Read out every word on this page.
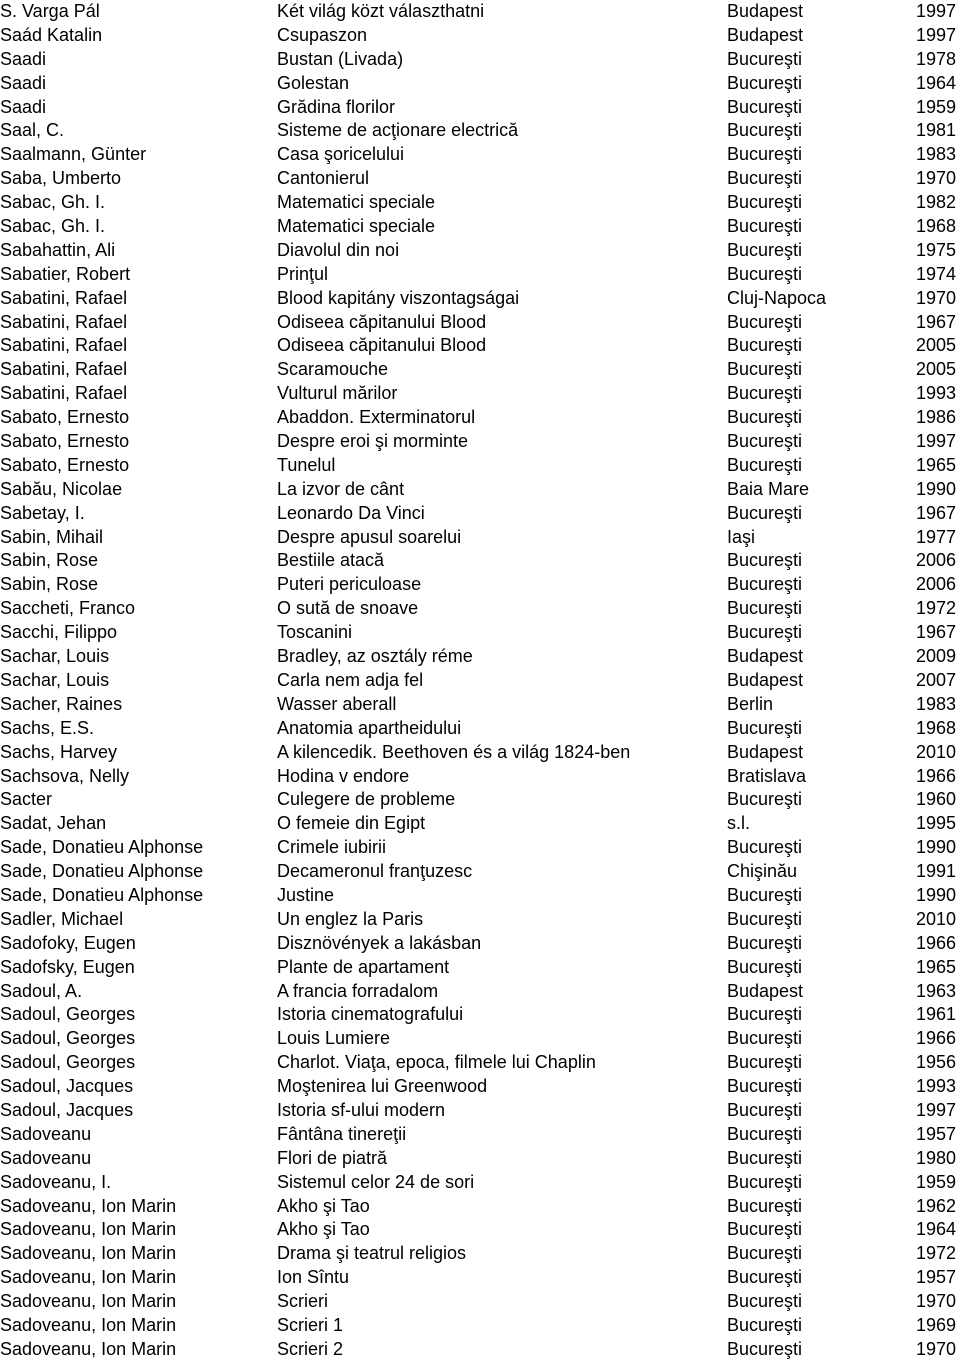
S. Varga Pál	Két világ közt választhatni	Budapest	1997
Saád Katalin	Csupaszon	Budapest	1997
Saadi	Bustan (Livada)	Bucureşti	1978
Saadi	Golestan	Bucureşti	1964
Saadi	Grădina florilor	Bucureşti	1959
Saal, C.	Sisteme de acţionare electrică	Bucureşti	1981
Saalmann, Günter	Casa şoricelului	Bucureşti	1983
Saba, Umberto	Cantonierul	Bucureşti	1970
Sabac, Gh. I.	Matematici speciale	Bucureşti	1982
Sabac, Gh. I.	Matematici speciale	Bucureşti	1968
Sabahattin, Ali	Diavolul din noi	Bucureşti	1975
Sabatier, Robert	Prinţul	Bucureşti	1974
Sabatini, Rafael	Blood kapitány viszontagságai	Cluj-Napoca	1970
Sabatini, Rafael	Odiseea căpitanului Blood	Bucureşti	1967
Sabatini, Rafael	Odiseea căpitanului Blood	Bucureşti	2005
Sabatini, Rafael	Scaramouche	Bucureşti	2005
Sabatini, Rafael	Vulturul mărilor	Bucureşti	1993
Sabato, Ernesto	Abaddon. Exterminatorul	Bucureşti	1986
Sabato, Ernesto	Despre eroi şi morminte	Bucureşti	1997
Sabato, Ernesto	Tunelul	Bucureşti	1965
Sabău, Nicolae	La izvor de cânt	Baia Mare	1990
Sabetay, I.	Leonardo Da Vinci	Bucureşti	1967
Sabin, Mihail	Despre apusul soarelui	Iaşi	1977
Sabin, Rose	Bestiile atacă	Bucureşti	2006
Sabin, Rose	Puteri periculoase	Bucureşti	2006
Saccheti, Franco	O sută de snoave	Bucureşti	1972
Sacchi, Filippo	Toscanini	Bucureşti	1967
Sachar, Louis	Bradley, az osztály réme	Budapest	2009
Sachar, Louis	Carla nem adja fel	Budapest	2007
Sacher, Raines	Wasser aberall	Berlin	1983
Sachs, E.S.	Anatomia apartheidului	Bucureşti	1968
Sachs, Harvey	A kilencedik. Beethoven és a világ 1824-ben	Budapest	2010
Sachsova, Nelly	Hodina v endore	Bratislava	1966
Sacter	Culegere de probleme	Bucureşti	1960
Sadat, Jehan	O femeie din Egipt	s.l.	1995
Sade, Donatieu Alphonse	Crimele iubirii	Bucureşti	1990
Sade, Donatieu Alphonse	Decameronul franţuzesc	Chişinău	1991
Sade, Donatieu Alphonse	Justine	Bucureşti	1990
Sadler, Michael	Un englez la Paris	Bucureşti	2010
Sadofoky, Eugen	Disznövények a lakásban	Bucureşti	1966
Sadofsky, Eugen	Plante de apartament	Bucureşti	1965
Sadoul, A.	A francia forradalom	Budapest	1963
Sadoul, Georges	Istoria cinematografului	Bucureşti	1961
Sadoul, Georges	Louis Lumiere	Bucureşti	1966
Sadoul, Georges	Charlot. Viaţa, epoca, filmele lui Chaplin	Bucureşti	1956
Sadoul, Jacques	Moştenirea lui Greenwood	Bucureşti	1993
Sadoul, Jacques	Istoria sf-ului modern	Bucureşti	1997
Sadoveanu	Fântâna tinereţii	Bucureşti	1957
Sadoveanu	Flori de piatră	Bucureşti	1980
Sadoveanu, I.	Sistemul celor 24 de sori	Bucureşti	1959
Sadoveanu, Ion Marin	Akho şi Tao	Bucureşti	1962
Sadoveanu, Ion Marin	Akho şi Tao	Bucureşti	1964
Sadoveanu, Ion Marin	Drama şi teatrul religios	Bucureşti	1972
Sadoveanu, Ion Marin	Ion Sîntu	Bucureşti	1957
Sadoveanu, Ion Marin	Scrieri	Bucureşti	1970
Sadoveanu, Ion Marin	Scrieri 1	Bucureşti	1969
Sadoveanu, Ion Marin	Scrieri 2	Bucureşti	1970
